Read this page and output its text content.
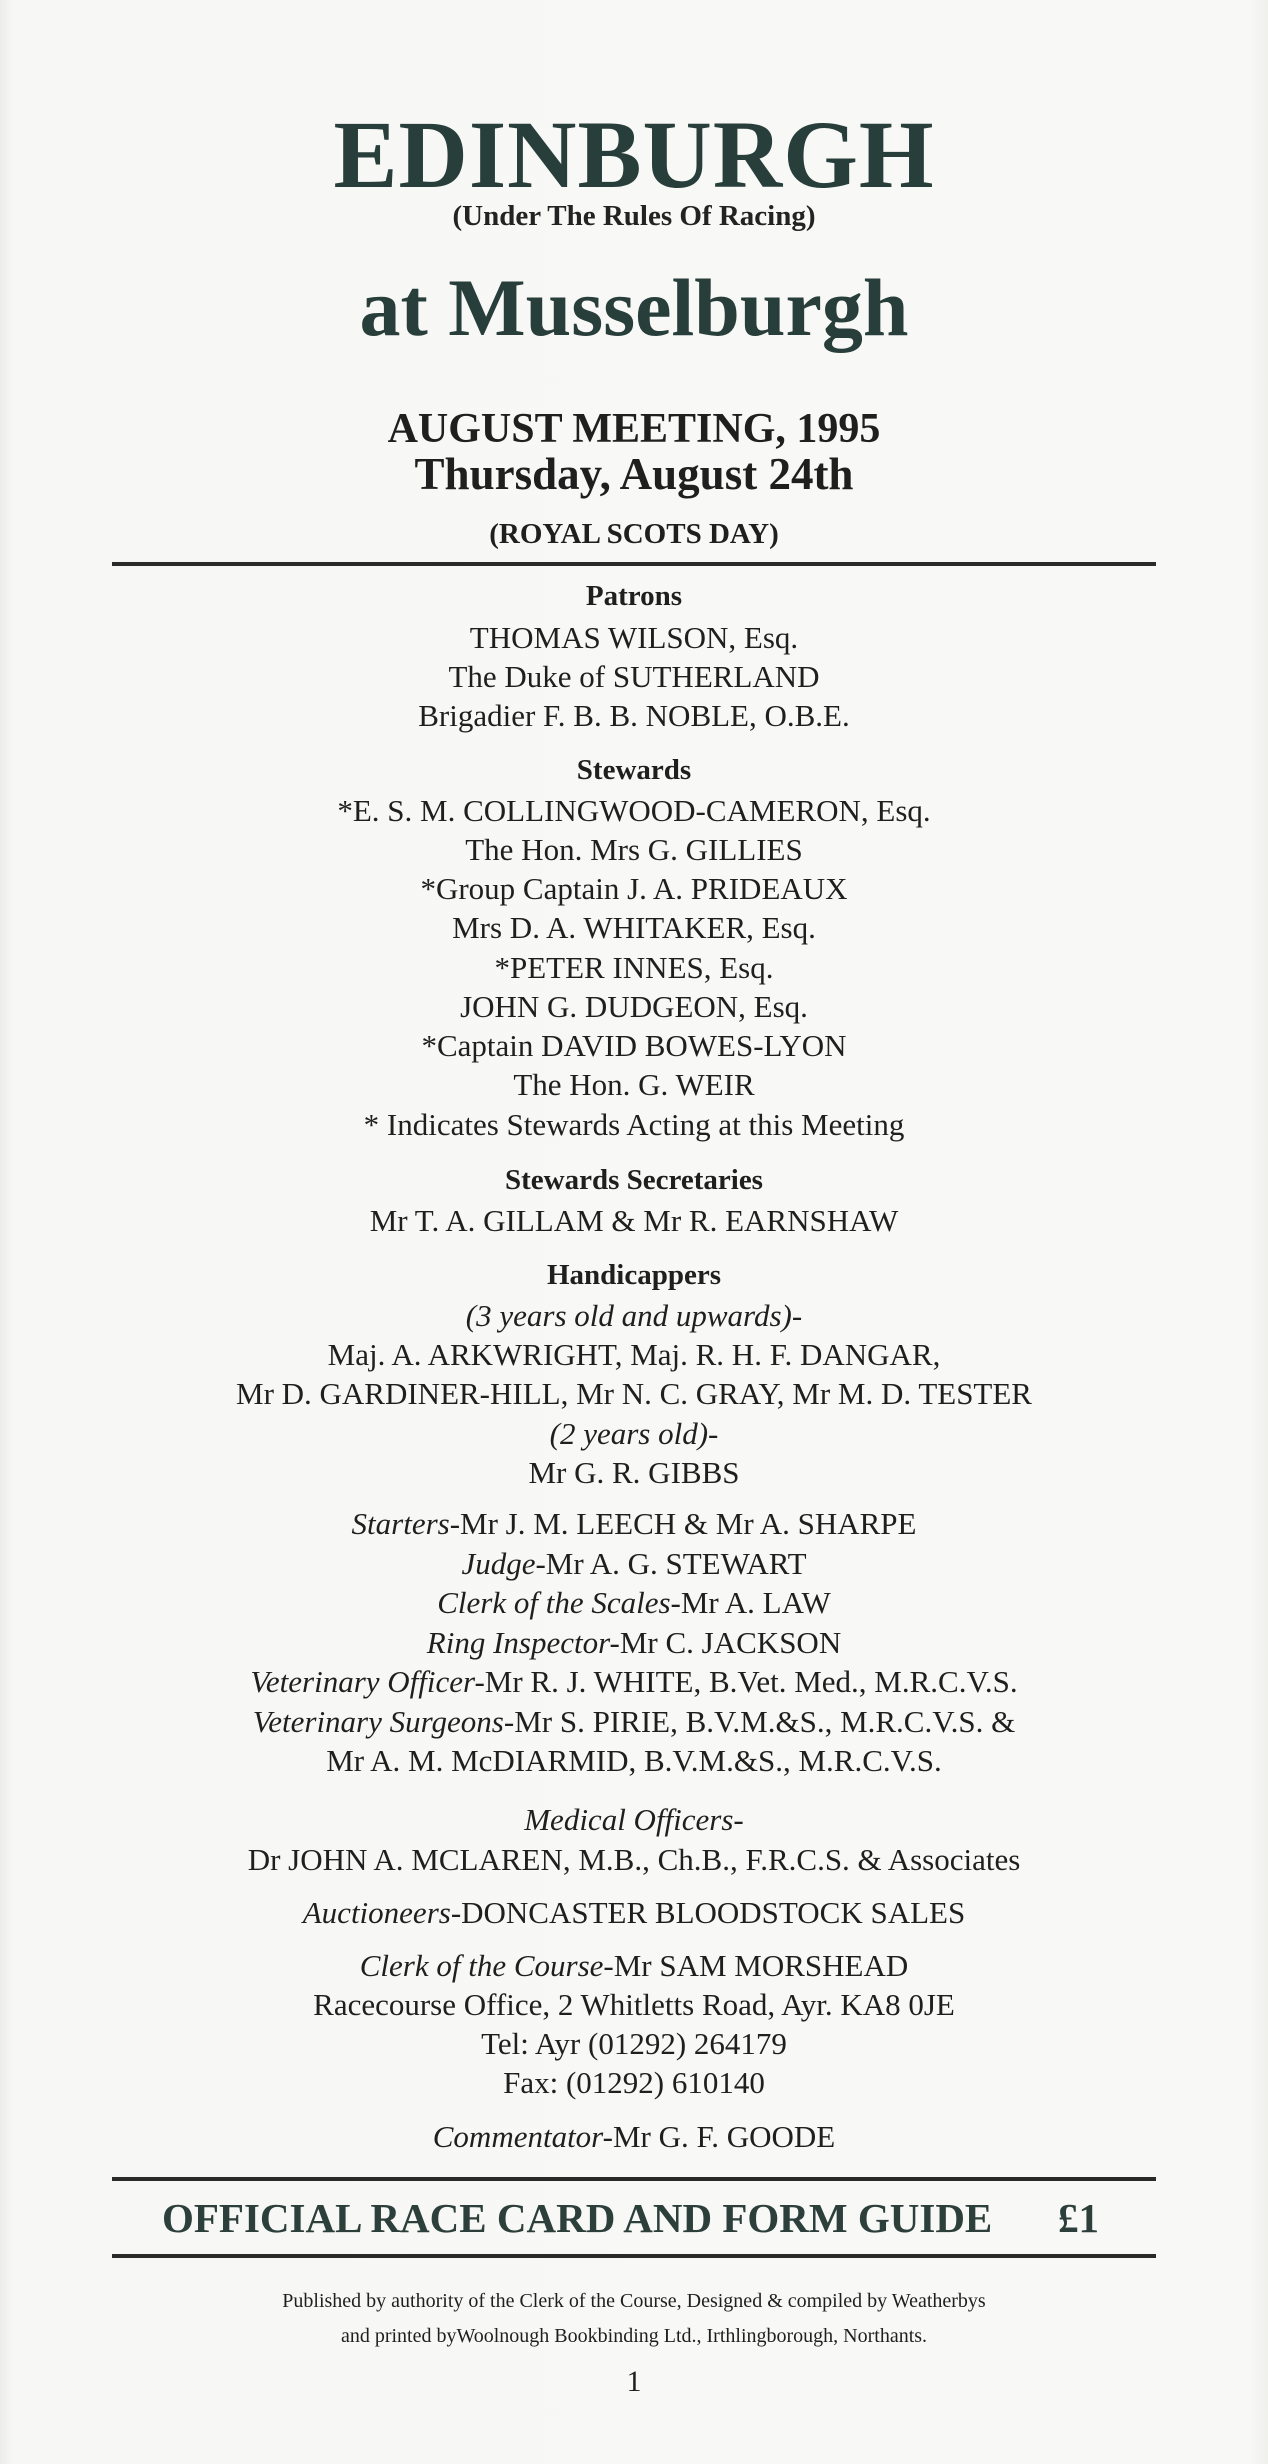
EDINBURGH
(Under The Rules Of Racing)
at Musselburgh
AUGUST MEETING, 1995
Thursday, August 24th
(ROYAL SCOTS DAY)
Patrons
THOMAS WILSON, Esq.
The Duke of SUTHERLAND
Brigadier F. B. B. NOBLE, O.B.E.
Stewards
*E. S. M. COLLINGWOOD-CAMERON, Esq.
The Hon. Mrs G. GILLIES
*Group Captain J. A. PRIDEAUX
Mrs D. A. WHITAKER, Esq.
*PETER INNES, Esq.
JOHN G. DUDGEON, Esq.
*Captain DAVID BOWES-LYON
The Hon. G. WEIR
* Indicates Stewards Acting at this Meeting
Stewards Secretaries
Mr T. A. GILLAM & Mr R. EARNSHAW
Handicappers
(3 years old and upwards)-
Maj. A. ARKWRIGHT, Maj. R. H. F. DANGAR,
Mr D. GARDINER-HILL, Mr N. C. GRAY, Mr M. D. TESTER
(2 years old)-
Mr G. R. GIBBS
Starters-Mr J. M. LEECH & Mr A. SHARPE
Judge-Mr A. G. STEWART
Clerk of the Scales-Mr A. LAW
Ring Inspector-Mr C. JACKSON
Veterinary Officer-Mr R. J. WHITE, B.Vet. Med., M.R.C.V.S.
Veterinary Surgeons-Mr S. PIRIE, B.V.M.&S., M.R.C.V.S. &
Mr A. M. McDIARMID, B.V.M.&S., M.R.C.V.S.
Medical Officers-
Dr JOHN A. MCLAREN, M.B., Ch.B., F.R.C.S. & Associates
Auctioneers-DONCASTER BLOODSTOCK SALES
Clerk of the Course-Mr SAM MORSHEAD
Racecourse Office, 2 Whitletts Road, Ayr. KA8 0JE
Tel: Ayr (01292) 264179
Fax: (01292) 610140
Commentator-Mr G. F. GOODE
OFFICIAL RACE CARD AND FORM GUIDE £1
Published by authority of the Clerk of the Course, Designed & compiled by Weatherbys
and printed byWoolnough Bookbinding Ltd., Irthlingborough, Northants.
1
